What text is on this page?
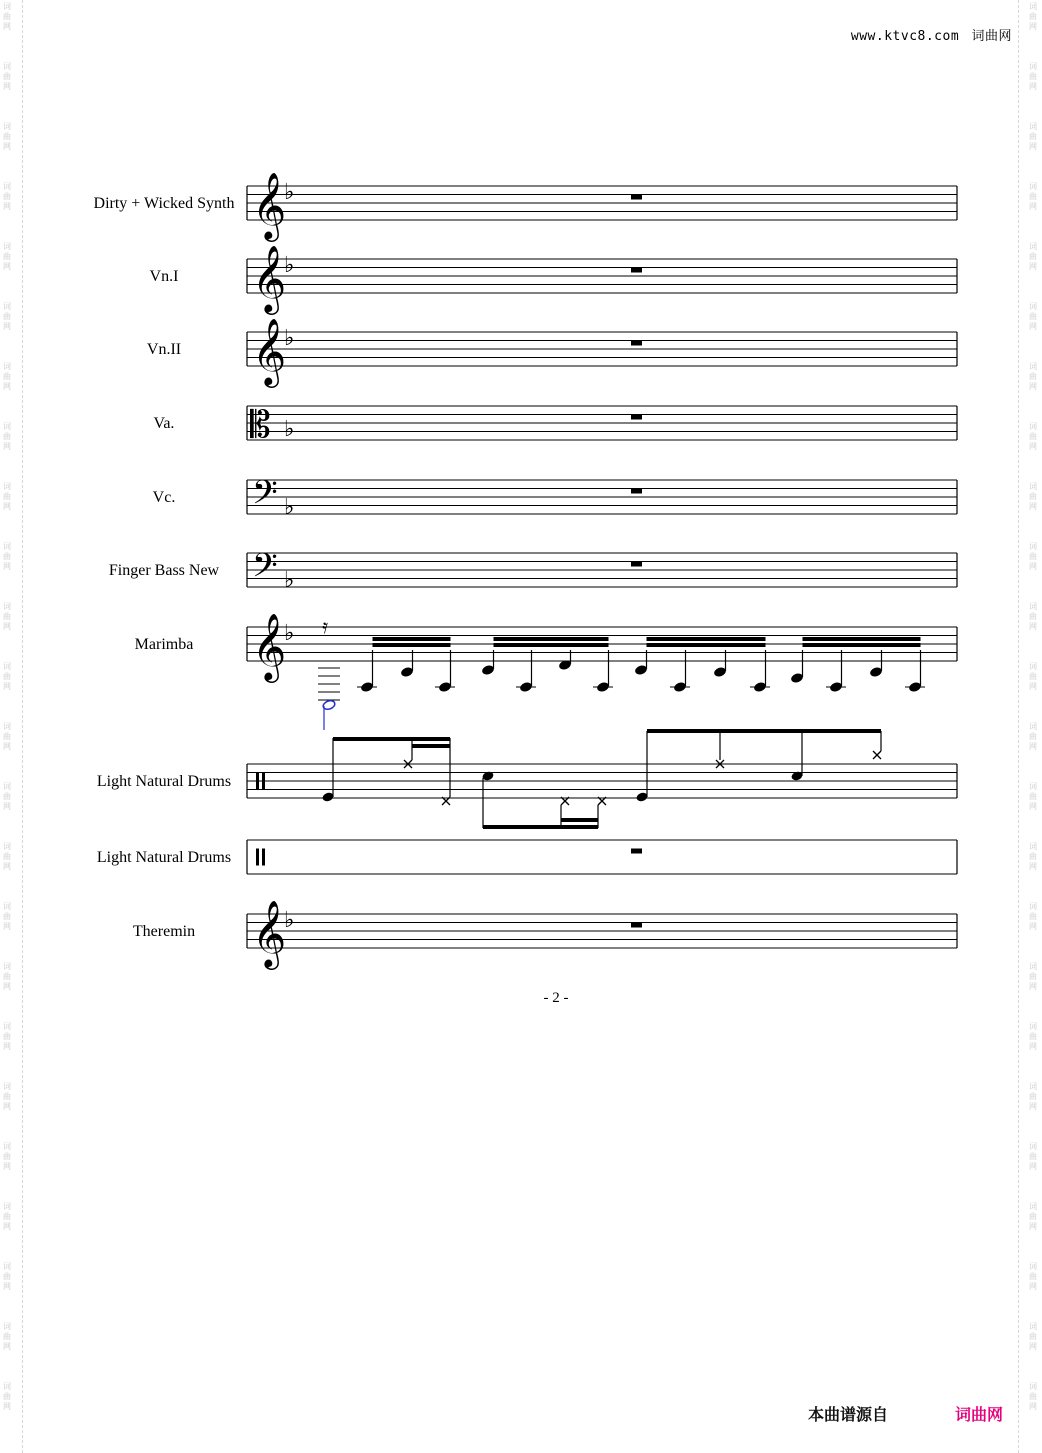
词
曲
网
词
曲
网
词
曲
网
词
曲
网
词
曲
网
词
曲
网
词
曲
网
词
曲
网
词
曲
网
词
曲
网
词
曲
网
词
曲
网
词
曲
网
词
曲
网
词
曲
网
词
曲
网
词
曲
网
词
曲
网
词
曲
网
词
曲
网
词
曲
网
词
曲
网
词
曲
网
词
曲
网
词
曲
网
词
曲
网
词
曲
网
词
曲
网
词
曲
网
词
曲
网
词
曲
网
词
曲
网
词
曲
网
词
曲
网
词
曲
网
词
曲
网
词
曲
网
词
曲
网
词
曲
网
词
曲
网
词
曲
网
词
曲
网
词
曲
网
词
曲
网
词
曲
网
词
曲
网
词
曲
网
词
曲
网
www.ktvc8.com 词曲网
Dirty + Wicked Synth 𝄞
♭
Vn.I 𝄞
♭
Vn.II 𝄞
♭
Va. 𝄡 ♭
Vc. 𝄢 ♭
Finger Bass New 𝄢 ♭
Marimba 𝄞
♭
Light Natural Drums
Light Natural Drums
Theremin 𝄞
♭
𝄿
- 2 -
本曲谱源自	词曲网
